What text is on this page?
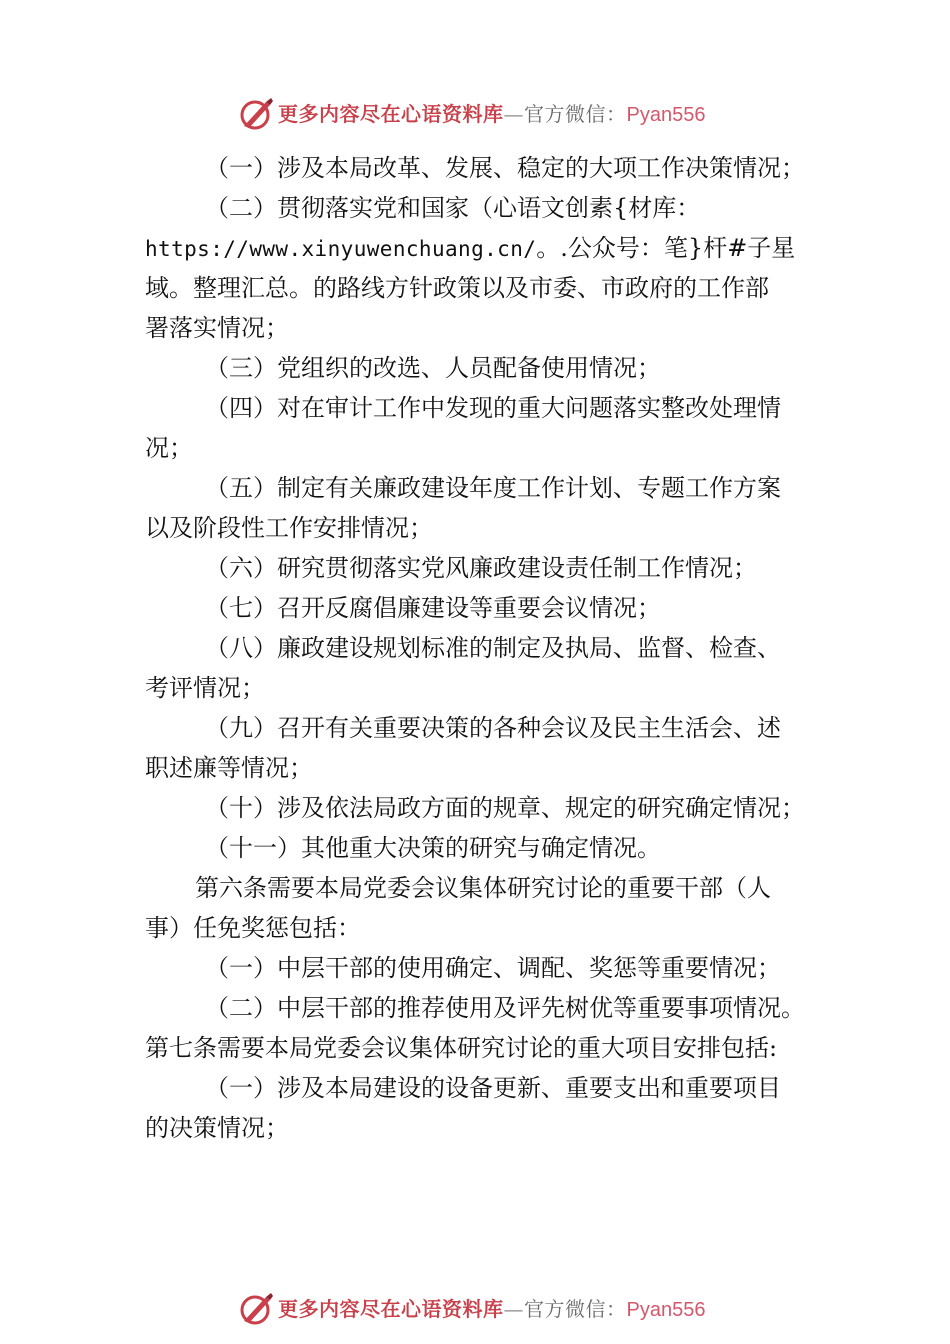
更多内容尽在心语资料库—官方微信：Pyan556
（一）涉及本局改革、发展、稳定的大项工作决策情况；
（二）贯彻落实党和国家（心语文创素{材库：
https://www.xinyuwenchuang.cn/。.公众号：笔}杆#子星
域。整理汇总。的路线方针政策以及市委、市政府的工作部
署落实情况；
（三）党组织的改选、人员配备使用情况；
（四）对在审计工作中发现的重大问题落实整改处理情
况；
（五）制定有关廉政建设年度工作计划、专题工作方案
以及阶段性工作安排情况；
（六）研究贯彻落实党风廉政建设责任制工作情况；
（七）召开反腐倡廉建设等重要会议情况；
（八）廉政建设规划标准的制定及执局、监督、检查、
考评情况；
（九）召开有关重要决策的各种会议及民主生活会、述
职述廉等情况；
（十）涉及依法局政方面的规章、规定的研究确定情况；
（十一）其他重大决策的研究与确定情况。
第六条需要本局党委会议集体研究讨论的重要干部（人
事）任免奖惩包括：
（一）中层干部的使用确定、调配、奖惩等重要情况；
（二）中层干部的推荐使用及评先树优等重要事项情况。
第七条需要本局党委会议集体研究讨论的重大项目安排包括:
（一）涉及本局建设的设备更新、重要支出和重要项目
的决策情况；
更多内容尽在心语资料库—官方微信：Pyan556
